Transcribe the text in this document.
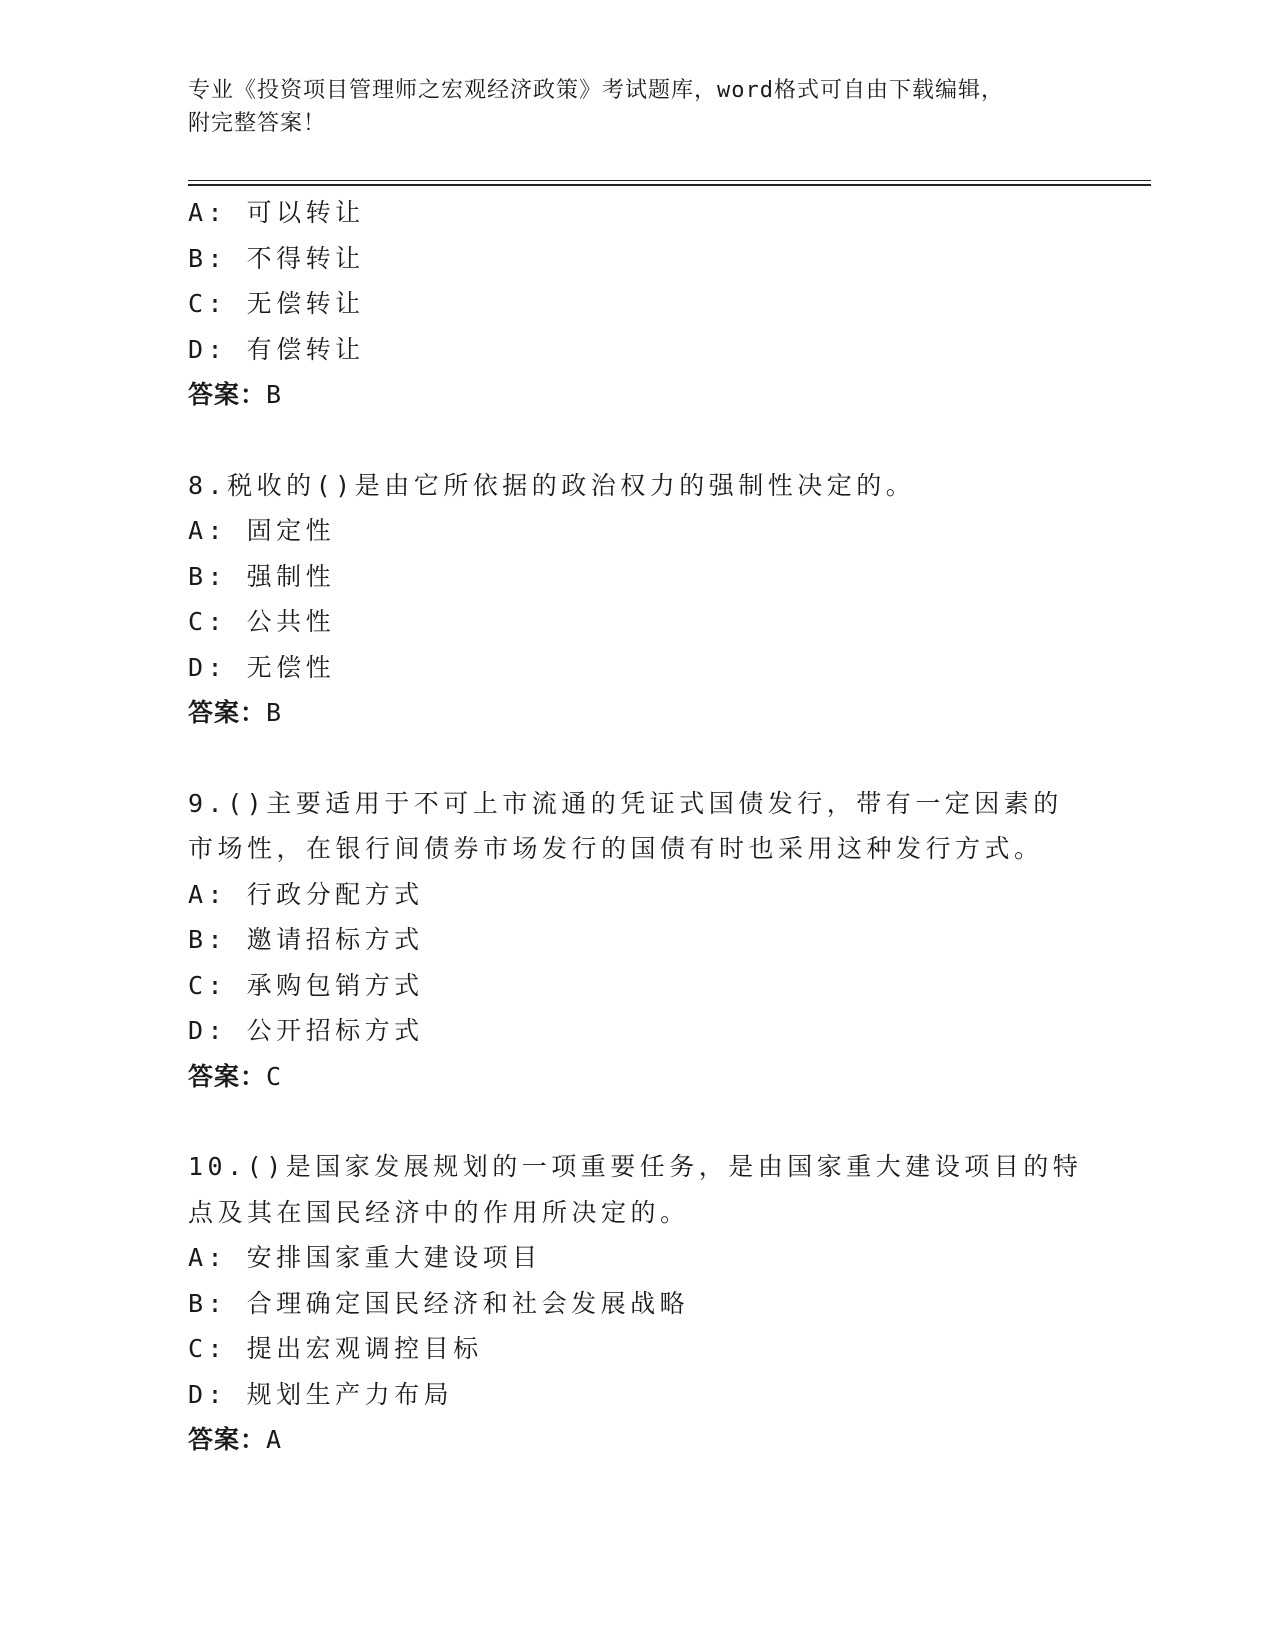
专业《投资项目管理师之宏观经济政策》考试题库，word格式可自由下载编辑，
附完整答案！
A: 可以转让
B: 不得转让
C: 无偿转让
D: 有偿转让
答案：B
8.税收的()是由它所依据的政治权力的强制性决定的。
A: 固定性
B: 强制性
C: 公共性
D: 无偿性
答案：B
9.()主要适用于不可上市流通的凭证式国债发行，带有一定因素的市场性，在银行间债券市场发行的国债有时也采用这种发行方式。
A: 行政分配方式
B: 邀请招标方式
C: 承购包销方式
D: 公开招标方式
答案：C
10.()是国家发展规划的一项重要任务，是由国家重大建设项目的特点及其在国民经济中的作用所决定的。
A: 安排国家重大建设项目
B: 合理确定国民经济和社会发展战略
C: 提出宏观调控目标
D: 规划生产力布局
答案：A
